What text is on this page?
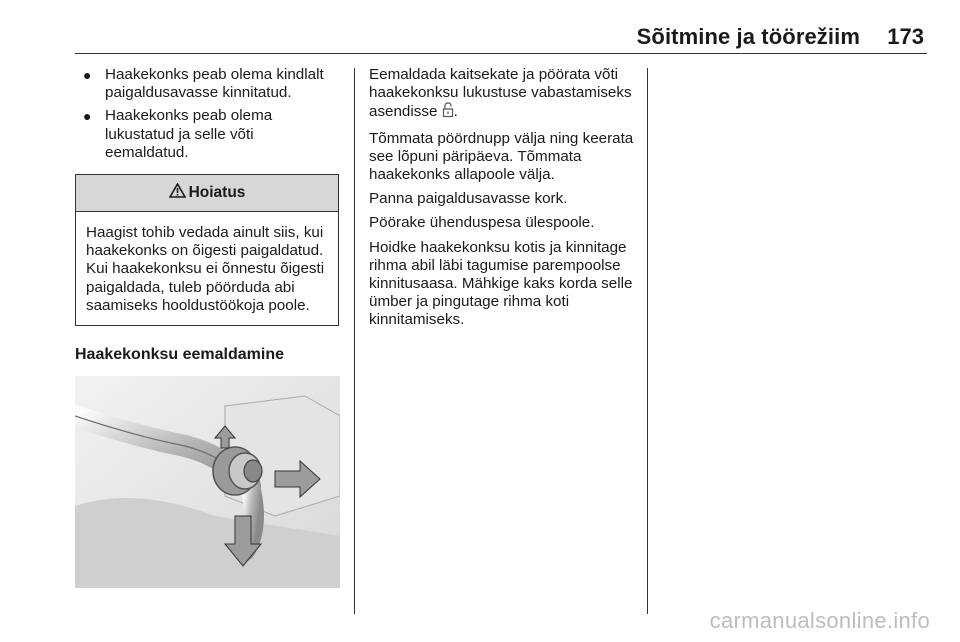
Sõitmine ja töörežiim 173
● Haakekonks peab olema kindlalt paigaldusavasse kinnitatud.
● Haakekonks peab olema lukustatud ja selle võti eemaldatud.
Hoiatus
Haagist tohib vedada ainult siis, kui haakekonks on õigesti paigaldatud. Kui haakekonksu ei õnnestu õigesti paigaldada, tuleb pöörduda abi saamiseks hooldustöökoja poole.
Haakekonksu eemaldamine

Eemaldada kaitsekate ja pöörata võti haakekonksu lukustuse vabastamiseks asendisse .

Tõmmata pöördnupp välja ning keerata see lõpuni päripäeva. Tõmmata haakekonks allapoole välja.

Panna paigaldusavasse kork.

Pöörake ühenduspesa ülespoole.

Hoidke haakekonksu kotis ja kinnitage rihma abil läbi tagumise parempoolse kinnitusaasa. Mähkige kaks korda selle ümber ja pingutage rihma koti kinnitamiseks.

carmanualsonline.info
